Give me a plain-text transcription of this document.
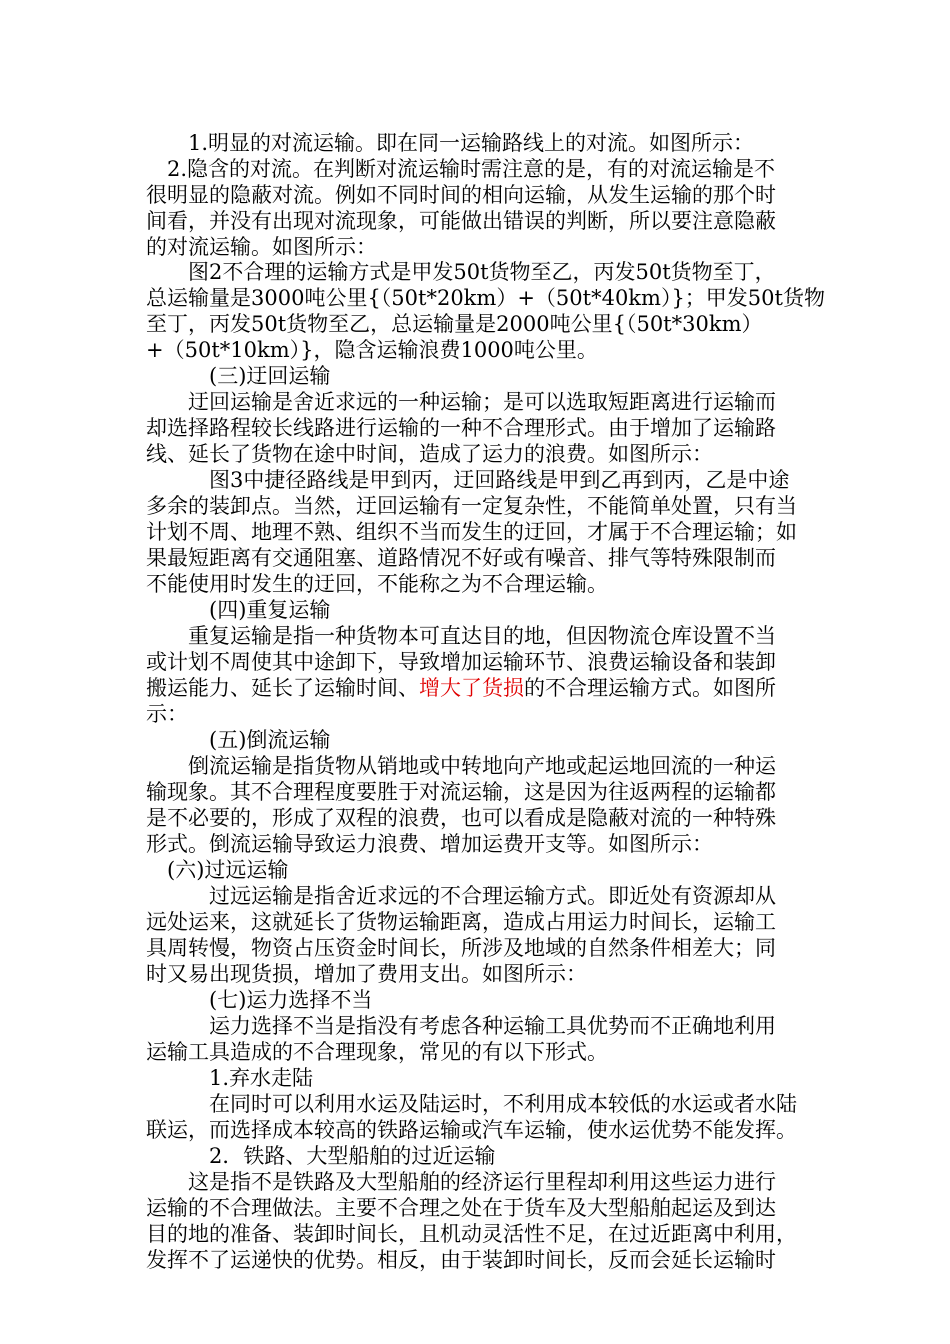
　　1.明显的对流运输。即在同一运输路线上的对流。如图所示：
　2.隐含的对流。在判断对流运输时需注意的是，有的对流运输是不
很明显的隐蔽对流。例如不同时间的相向运输，从发生运输的那个时
间看，并没有出现对流现象，可能做出错误的判断，所以要注意隐蔽
的对流运输。如图所示：
　　图2不合理的运输方式是甲发50t货物至乙，丙发50t货物至丁，
总运输量是3000吨公里{（50t*20km）+（50t*40km）}；甲发50t货物
至丁，丙发50t货物至乙，总运输量是2000吨公里{（50t*30km）
+（50t*10km）}，隐含运输浪费1000吨公里。
　　　(三)迂回运输
　　迂回运输是舍近求远的一种运输；是可以选取短距离进行运输而
却选择路程较长线路进行运输的一种不合理形式。由于增加了运输路
线、延长了货物在途中时间，造成了运力的浪费。如图所示：
　　　图3中捷径路线是甲到丙，迂回路线是甲到乙再到丙，乙是中途
多余的装卸点。当然，迂回运输有一定复杂性，不能简单处置，只有当
计划不周、地理不熟、组织不当而发生的迂回，才属于不合理运输；如
果最短距离有交通阻塞、道路情况不好或有噪音、排气等特殊限制而
不能使用时发生的迂回，不能称之为不合理运输。
　　　(四)重复运输
　　重复运输是指一种货物本可直达目的地，但因物流仓库设置不当
或计划不周使其中途卸下，导致增加运输环节、浪费运输设备和装卸
搬运能力、延长了运输时间、增大了货损的不合理运输方式。如图所
示：
　　　(五)倒流运输
　　倒流运输是指货物从销地或中转地向产地或起运地回流的一种运
输现象。其不合理程度要胜于对流运输，这是因为往返两程的运输都
是不必要的，形成了双程的浪费，也可以看成是隐蔽对流的一种特殊
形式。倒流运输导致运力浪费、增加运费开支等。如图所示：
　(六)过远运输
　　　过远运输是指舍近求远的不合理运输方式。即近处有资源却从
远处运来，这就延长了货物运输距离，造成占用运力时间长，运输工
具周转慢，物资占压资金时间长，所涉及地域的自然条件相差大；同
时又易出现货损，增加了费用支出。如图所示：
　　　(七)运力选择不当
　　　运力选择不当是指没有考虑各种运输工具优势而不正确地利用
运输工具造成的不合理现象，常见的有以下形式。
　　　1.弃水走陆
　　　在同时可以利用水运及陆运时，不利用成本较低的水运或者水陆
联运，而选择成本较高的铁路运输或汽车运输，使水运优势不能发挥。
　　　2．铁路、大型船舶的过近运输
　　这是指不是铁路及大型船舶的经济运行里程却利用这些运力进行
运输的不合理做法。主要不合理之处在于货车及大型船舶起运及到达
目的地的准备、装卸时间长，且机动灵活性不足，在过近距离中利用，
发挥不了运递快的优势。相反，由于装卸时间长，反而会延长运输时
